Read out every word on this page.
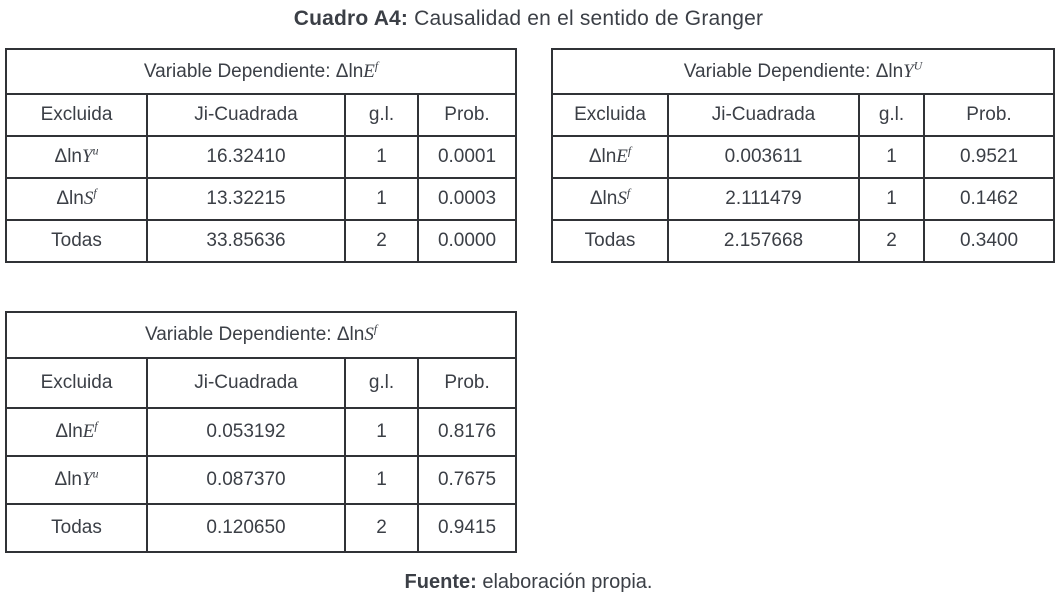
Cuadro A4: Causalidad en el sentido de Granger
Variable Dependiente: ΔlnE$^f$
Excluida	Ji-Cuadrada	g.l.	Prob.
ΔlnY$^u$	16.32410	1	0.0001
ΔlnS$^f$	13.32215	1	0.0003
Todas	33.85636	2	0.0000
Variable Dependiente: ΔlnY$^U$
Excluida	Ji-Cuadrada	g.l.	Prob.
ΔlnE$^f$	0.003611	1	0.9521
ΔlnS$^f$	2.111479	1	0.1462
Todas	2.157668	2	0.3400
Variable Dependiente: ΔlnS$^f$
Excluida	Ji-Cuadrada	g.l.	Prob.
ΔlnE$^f$	0.053192	1	0.8176
ΔlnY$^u$	0.087370	1	0.7675
Todas	0.120650	2	0.9415
Fuente: elaboración propia.
